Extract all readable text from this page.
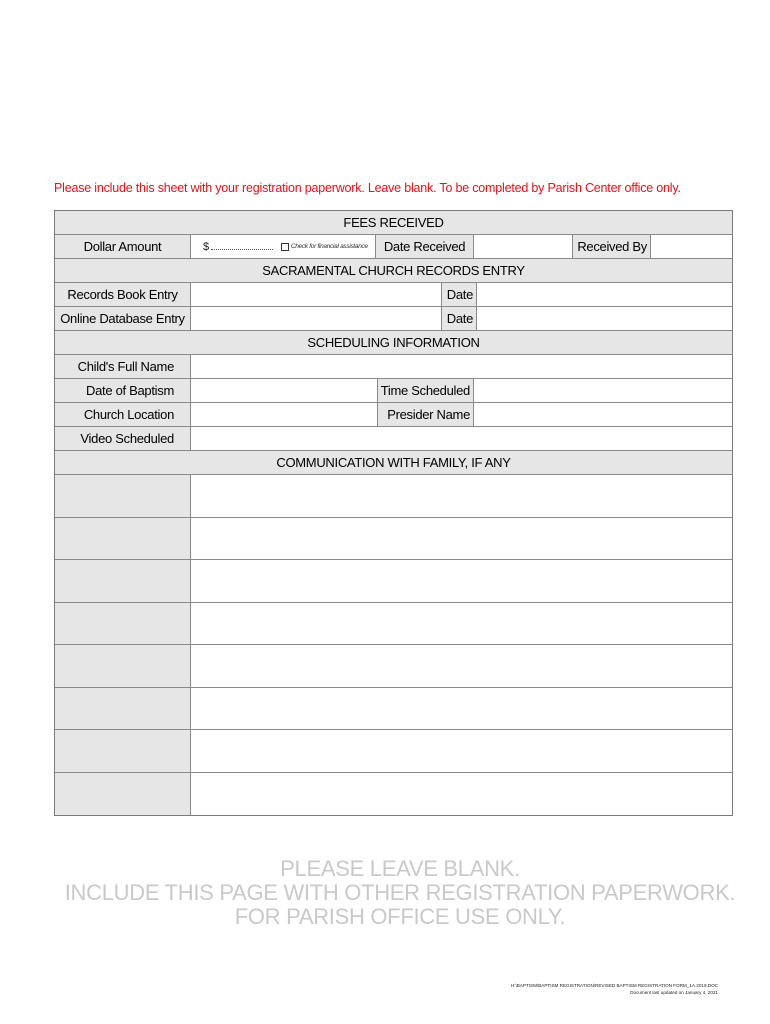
Please include this sheet with your registration paperwork. Leave blank. To be completed by Parish Center office only.
FEES RECEIVED
Dollar Amount	$	Check for financial assistance	Date Received	Received By
SACRAMENTAL CHURCH RECORDS ENTRY
Records Book Entry	Date
Online Database Entry	Date
SCHEDULING INFORMATION
Child's Full Name
Date of Baptism	Time Scheduled
Church Location	Presider Name
Video Scheduled
COMMUNICATION WITH FAMILY, IF ANY
PLEASE LEAVE BLANK.
INCLUDE THIS PAGE WITH OTHER REGISTRATION PAPERWORK.
FOR PARISH OFFICE USE ONLY.
H:\BAPTISM\BAPTISM REGISTRATION\REVISED BAPTISM REGISTRATION FORM_1A.2019.DOC
Document last updated on January 4, 2021
